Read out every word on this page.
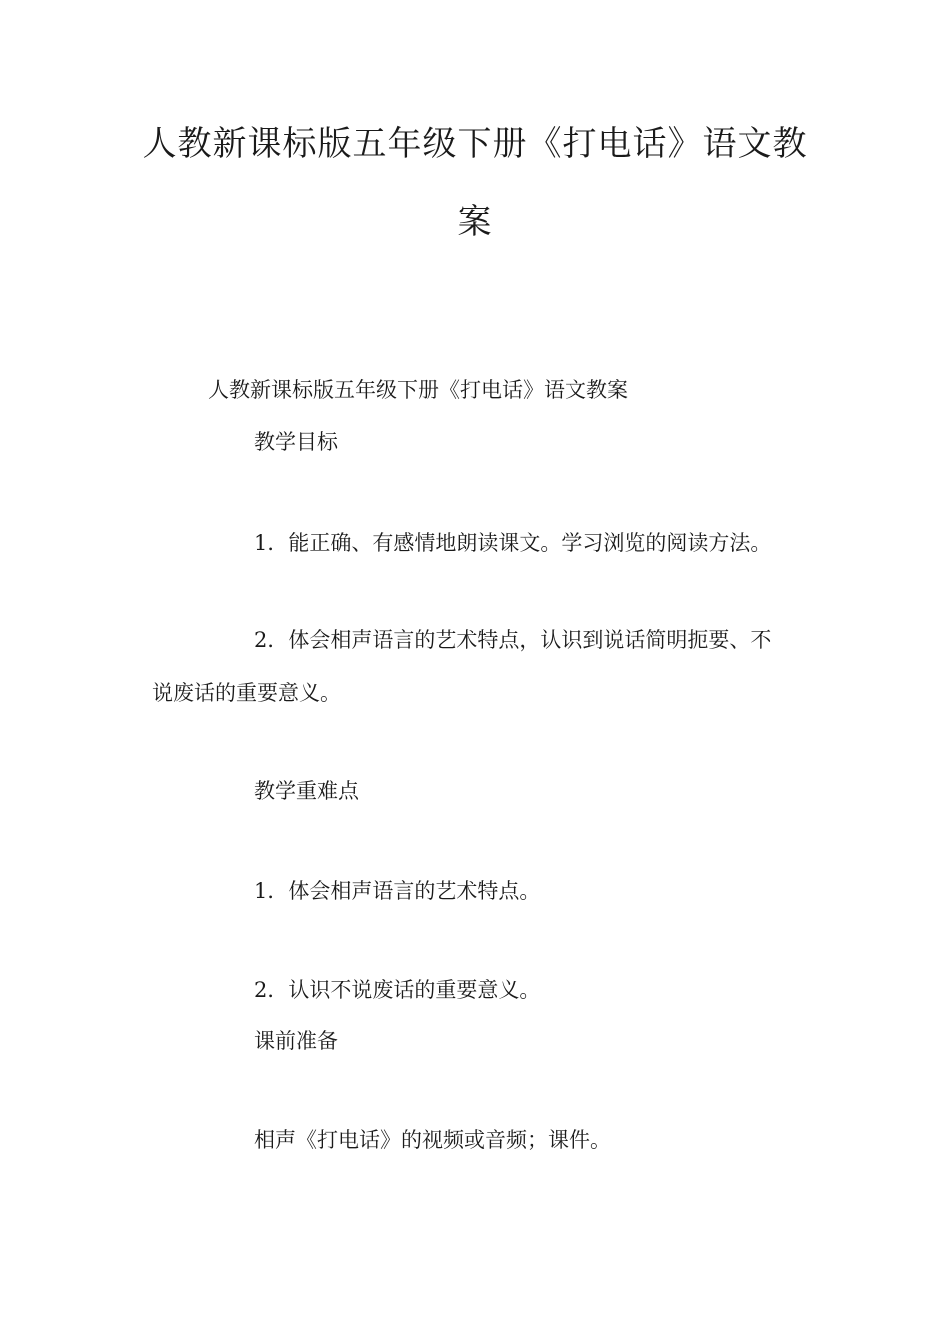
人教新课标版五年级下册《打电话》语文教
案
人教新课标版五年级下册《打电话》语文教案
教学目标
1．能正确、有感情地朗读课文。学习浏览的阅读方法。
2．体会相声语言的艺术特点，认识到说话简明扼要、不
说废话的重要意义。
教学重难点
1．体会相声语言的艺术特点。
2．认识不说废话的重要意义。
课前准备
相声《打电话》的视频或音频；课件。
